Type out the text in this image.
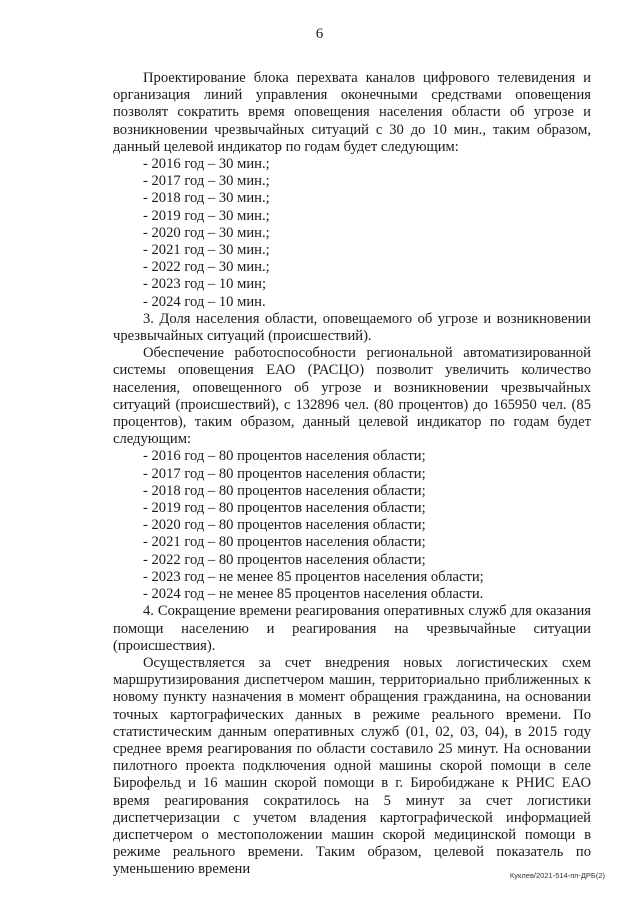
6

Проектирование блока перехвата каналов цифрового телевидения и организация линий управления оконечными средствами оповещения позволят сократить время оповещения населения области об угрозе и возникновении чрезвычайных ситуаций с 30 до 10 мин., таким образом, данный целевой индикатор по годам будет следующим:

- 2016 год – 30 мин.;

- 2017 год – 30 мин.;

- 2018 год – 30 мин.;

- 2019 год – 30 мин.;

- 2020 год – 30 мин.;

- 2021 год – 30 мин.;

- 2022 год – 30 мин.;

- 2023 год – 10 мин;

- 2024 год – 10 мин.

3. Доля населения области, оповещаемого об угрозе и возникновении чрезвычайных ситуаций (происшествий).

Обеспечение работоспособности региональной автоматизированной системы оповещения ЕАО (РАСЦО) позволит увеличить количество населения, оповещенного об угрозе и возникновении чрезвычайных ситуаций (происшествий), с 132896 чел. (80 процентов) до 165950 чел. (85 процентов), таким образом, данный целевой индикатор по годам будет следующим:

- 2016 год – 80 процентов населения области;

- 2017 год – 80 процентов населения области;

- 2018 год – 80 процентов населения области;

- 2019 год – 80 процентов населения области;

- 2020 год – 80 процентов населения области;

- 2021 год – 80 процентов населения области;

- 2022 год – 80 процентов населения области;

- 2023 год – не менее 85 процентов населения области;

- 2024 год – не менее 85 процентов населения области.

4. Сокращение времени реагирования оперативных служб для оказания помощи населению и реагирования на чрезвычайные ситуации (происшествия).

Осуществляется за счет внедрения новых логистических схем маршрутизирования диспетчером машин, территориально приближенных к новому пункту назначения в момент обращения гражданина, на основании точных картографических данных в режиме реального времени. По статистическим данным оперативных служб (01, 02, 03, 04), в 2015 году среднее время реагирования по области составило 25 минут. На основании пилотного проекта подключения одной машины скорой помощи в селе Бирофельд и 16 машин скорой помощи в г. Биробиджане к РНИС ЕАО время реагирования сократилось на 5 минут за счет логистики диспетчеризации с учетом владения картографической информацией диспетчером о местоположении машин скорой медицинской помощи в режиме реального времени. Таким образом, целевой показатель по уменьшению времени	Куклев/2021-514-пп-ДРБ(2)
